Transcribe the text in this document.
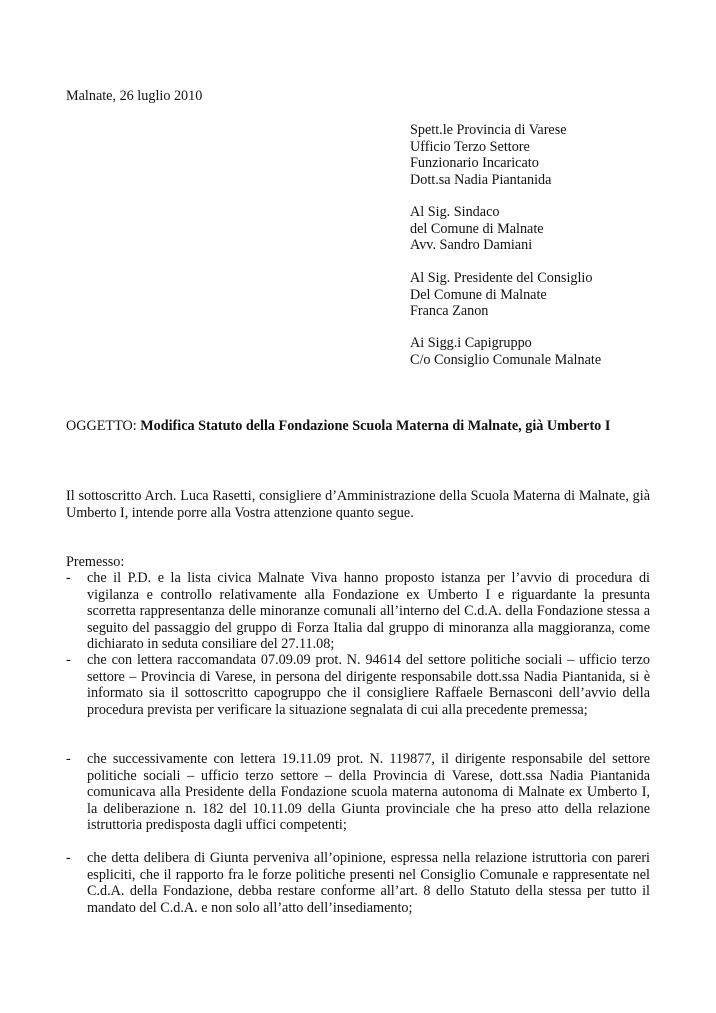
Malnate, 26 luglio 2010
Spett.le Provincia di Varese
Ufficio Terzo Settore
Funzionario Incaricato
Dott.sa Nadia Piantanida
Al Sig. Sindaco
del Comune di Malnate
Avv. Sandro Damiani
Al Sig. Presidente del Consiglio
Del Comune di Malnate
Franca Zanon
Ai Sigg.i Capigruppo
C/o Consiglio Comunale Malnate
OGGETTO: Modifica Statuto della Fondazione Scuola Materna di Malnate, già Umberto I
Il sottoscritto Arch. Luca Rasetti, consigliere d’Amministrazione della Scuola Materna di Malnate, già Umberto I, intende porre alla Vostra attenzione quanto segue.
Premesso:
- che il P.D. e la lista civica Malnate Viva hanno proposto istanza per l’avvio di procedura di vigilanza e controllo relativamente alla Fondazione ex Umberto I e riguardante la presunta scorretta rappresentanza delle minoranze comunali all’interno del C.d.A. della Fondazione stessa a seguito del passaggio del gruppo di Forza Italia dal gruppo di minoranza alla maggioranza, come dichiarato in seduta consiliare del 27.11.08;
- che con lettera raccomandata 07.09.09 prot. N. 94614 del settore politiche sociali – ufficio terzo settore – Provincia di Varese, in persona del dirigente responsabile dott.ssa Nadia Piantanida, si è informato sia il sottoscritto capogruppo che il consigliere Raffaele Bernasconi dell’avvio della procedura prevista per verificare la situazione segnalata di cui alla precedente premessa;
- che successivamente con lettera 19.11.09 prot. N. 119877, il dirigente responsabile del settore politiche sociali – ufficio terzo settore – della Provincia di Varese, dott.ssa Nadia Piantanida comunicava alla Presidente della Fondazione scuola materna autonoma di Malnate ex Umberto I, la deliberazione n. 182 del 10.11.09 della Giunta provinciale che ha preso atto della relazione istruttoria predisposta dagli uffici competenti;
- che detta delibera di Giunta perveniva all’opinione, espressa nella relazione istruttoria con pareri espliciti, che il rapporto fra le forze politiche presenti nel Consiglio Comunale e rappresentate nel C.d.A. della Fondazione, debba restare conforme all’art. 8 dello Statuto della stessa per tutto il mandato del C.d.A. e non solo all’atto dell’insediamento;
